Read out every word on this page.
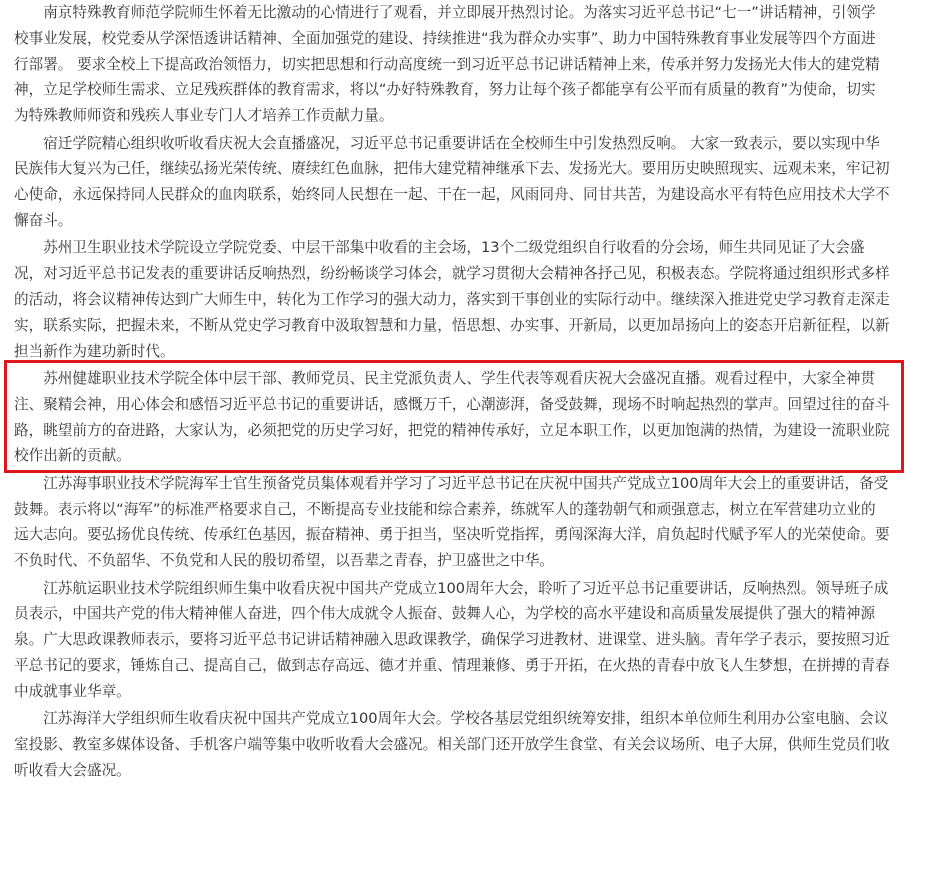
南京特殊教育师范学院师生怀着无比激动的心情进行了观看，并立即展开热烈讨论。为落实习近平总书记“七一”讲话精神，引领学校事业发展，校党委从学深悟透讲话精神、全面加强党的建设、持续推进“我为群众办实事”、助力中国特殊教育事业发展等四个方面进行部署。 要求全校上下提高政治领悟力，切实把思想和行动高度统一到习近平总书记讲话精神上来，传承并努力发扬光大伟大的建党精神，立足学校师生需求、立足残疾群体的教育需求，将以“办好特殊教育，努力让每个孩子都能享有公平而有质量的教育”为使命，切实为特殊教师师资和残疾人事业专门人才培养工作贡献力量。

宿迁学院精心组织收听收看庆祝大会直播盛况，习近平总书记重要讲话在全校师生中引发热烈反响。 大家一致表示，要以实现中华民族伟大复兴为己任，继续弘扬光荣传统、赓续红色血脉，把伟大建党精神继承下去、发扬光大。要用历史映照现实、远观未来，牢记初心使命，永远保持同人民群众的血肉联系，始终同人民想在一起、干在一起，风雨同舟、同甘共苦，为建设高水平有特色应用技术大学不懈奋斗。

苏州卫生职业技术学院设立学院党委、中层干部集中收看的主会场，13个二级党组织自行收看的分会场，师生共同见证了大会盛况，对习近平总书记发表的重要讲话反响热烈，纷纷畅谈学习体会，就学习贯彻大会精神各抒己见，积极表态。学院将通过组织形式多样的活动，将会议精神传达到广大师生中，转化为工作学习的强大动力，落实到干事创业的实际行动中。继续深入推进党史学习教育走深走实，联系实际，把握未来，不断从党史学习教育中汲取智慧和力量，悟思想、办实事、开新局，以更加昂扬向上的姿态开启新征程，以新担当新作为建功新时代。

苏州健雄职业技术学院全体中层干部、教师党员、民主党派负责人、学生代表等观看庆祝大会盛况直播。观看过程中，大家全神贯注、聚精会神，用心体会和感悟习近平总书记的重要讲话，感慨万千，心潮澎湃，备受鼓舞，现场不时响起热烈的掌声。回望过往的奋斗路，眺望前方的奋进路，大家认为，必须把党的历史学习好，把党的精神传承好，立足本职工作，以更加饱满的热情，为建设一流职业院校作出新的贡献。

江苏海事职业技术学院海军士官生预备党员集体观看并学习了习近平总书记在庆祝中国共产党成立100周年大会上的重要讲话，备受鼓舞。表示将以“海军”的标准严格要求自己，不断提高专业技能和综合素养，练就军人的蓬勃朝气和顽强意志，树立在军营建功立业的远大志向。要弘扬优良传统、传承红色基因，振奋精神、勇于担当，坚决听党指挥，勇闯深海大洋，肩负起时代赋予军人的光荣使命。要不负时代、不负韶华、不负党和人民的殷切希望，以吾辈之青春，护卫盛世之中华。

江苏航运职业技术学院组织师生集中收看庆祝中国共产党成立100周年大会，聆听了习近平总书记重要讲话，反响热烈。领导班子成员表示，中国共产党的伟大精神催人奋进，四个伟大成就令人振奋、鼓舞人心，为学校的高水平建设和高质量发展提供了强大的精神源泉。广大思政课教师表示，要将习近平总书记讲话精神融入思政课教学，确保学习进教材、进课堂、进头脑。青年学子表示，要按照习近平总书记的要求，锤炼自己、提高自己，做到志存高远、德才并重、情理兼修、勇于开拓，在火热的青春中放飞人生梦想，在拼搏的青春中成就事业华章。

江苏海洋大学组织师生收看庆祝中国共产党成立100周年大会。学校各基层党组织统筹安排，组织本单位师生利用办公室电脑、会议室投影、教室多媒体设备、手机客户端等集中收听收看大会盛况。相关部门还开放学生食堂、有关会议场所、电子大屏，供师生党员们收听收看大会盛况。
